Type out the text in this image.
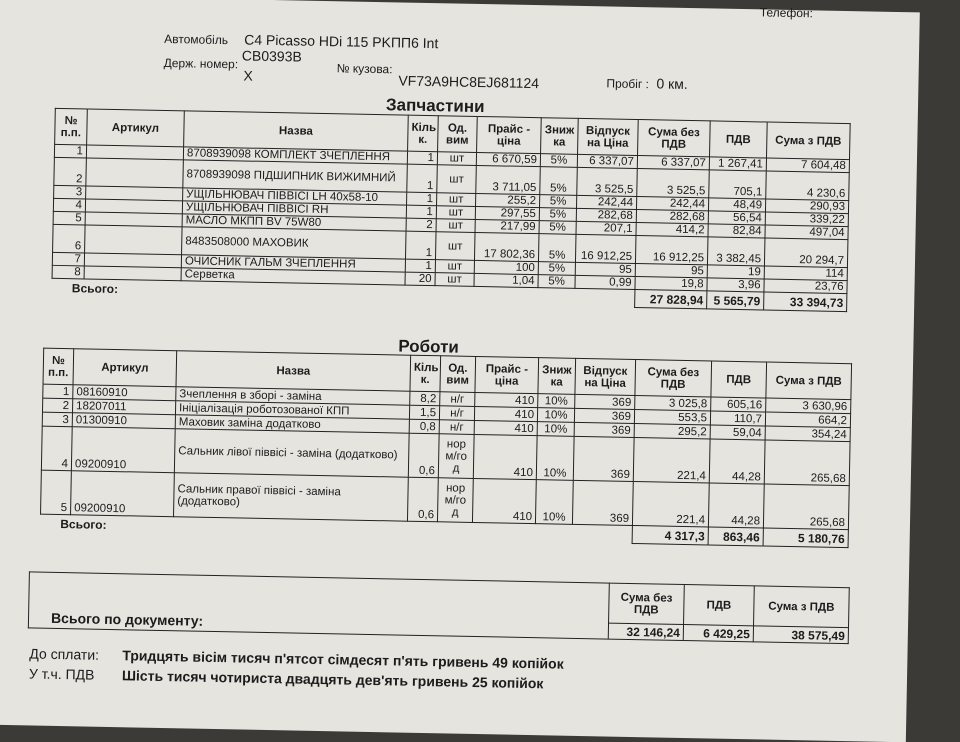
Автомобіль C4 Picasso HDi 115 PKПП6 Int
Держ. номер: CB0393B
X	№ кузова:
VF73A9HC8EJ681124	Пробіг : 0 км.
Телефон:
Запчастини
№ п.п.	Артикул	Назва	Кіль к.	Од. вим	Прайс - ціна	Зниж ка	Відпуск на Ціна	Сума без ПДВ	ПДВ	Сума з ПДВ
1		8708939098 КОМПЛЕКТ ЗЧЕПЛЕННЯ	1	шт	6 670,59	5%	6 337,07	6 337,07	1 267,41	7 604,48
2		8708939098 ПІДШИПНИК ВИЖИМНИЙ	1	шт	3 711,05	5%	3 525,5	3 525,5	705,1	4 230,6
3		УЩІЛЬНЮВАЧ ПІВВІСІ LH 40x58-10	1	шт	255,2	5%	242,44	242,44	48,49	290,93
4		УЩІЛЬНЮВАЧ ПІВВІСІ RH	1	шт	297,55	5%	282,68	282,68	56,54	339,22
5		МАСЛО МКПП BV 75W80	2	шт	217,99	5%	207,1	414,2	82,84	497,04
6		8483508000 МАХОВИК	1	шт	17 802,36	5%	16 912,25	16 912,25	3 382,45	20 294,7
7		ОЧИСНИК ГАЛЬМ ЗЧЕПЛЕННЯ	1	шт	100	5%	95	95	19	114
8		Серветка	20	шт	1,04	5%	0,99	19,8	3,96	23,76
Всього:								27 828,94	5 565,79	33 394,73
Роботи
№ п.п.	Артикул	Назва	Кіль к.	Од. вим	Прайс - ціна	Зниж ка	Відпуск на Ціна	Сума без ПДВ	ПДВ	Сума з ПДВ
1	08160910	Зчеплення в зборі - заміна	8,2	н/г	410	10%	369	3 025,8	605,16	3 630,96
2	18207011	Ініціалізація роботозованої КПП	1,5	н/г	410	10%	369	553,5	110,7	664,2
3	01300910	Маховик заміна додатково	0,8	н/г	410	10%	369	295,2	59,04	354,24
4	09200910	Сальник лівої піввісі - заміна (додатково)	0,6	нор м/го д	410	10%	369	221,4	44,28	265,68
5	09200910	Сальник правої піввісі - заміна (додатково)	0,6	нор м/го д	410	10%	369	221,4	44,28	265,68
Всього:								4 317,3	863,46	5 180,76
Всього по документу:	Сума без ПДВ	ПДВ	Сума з ПДВ
	32 146,24	6 429,25	38 575,49
До сплати: Тридцять вісім тисяч п'ятсот сімдесят п'ять гривень 49 копійок
У т.ч. ПДВ Шість тисяч чотириста двадцять дев'ять гривень 25 копійок
